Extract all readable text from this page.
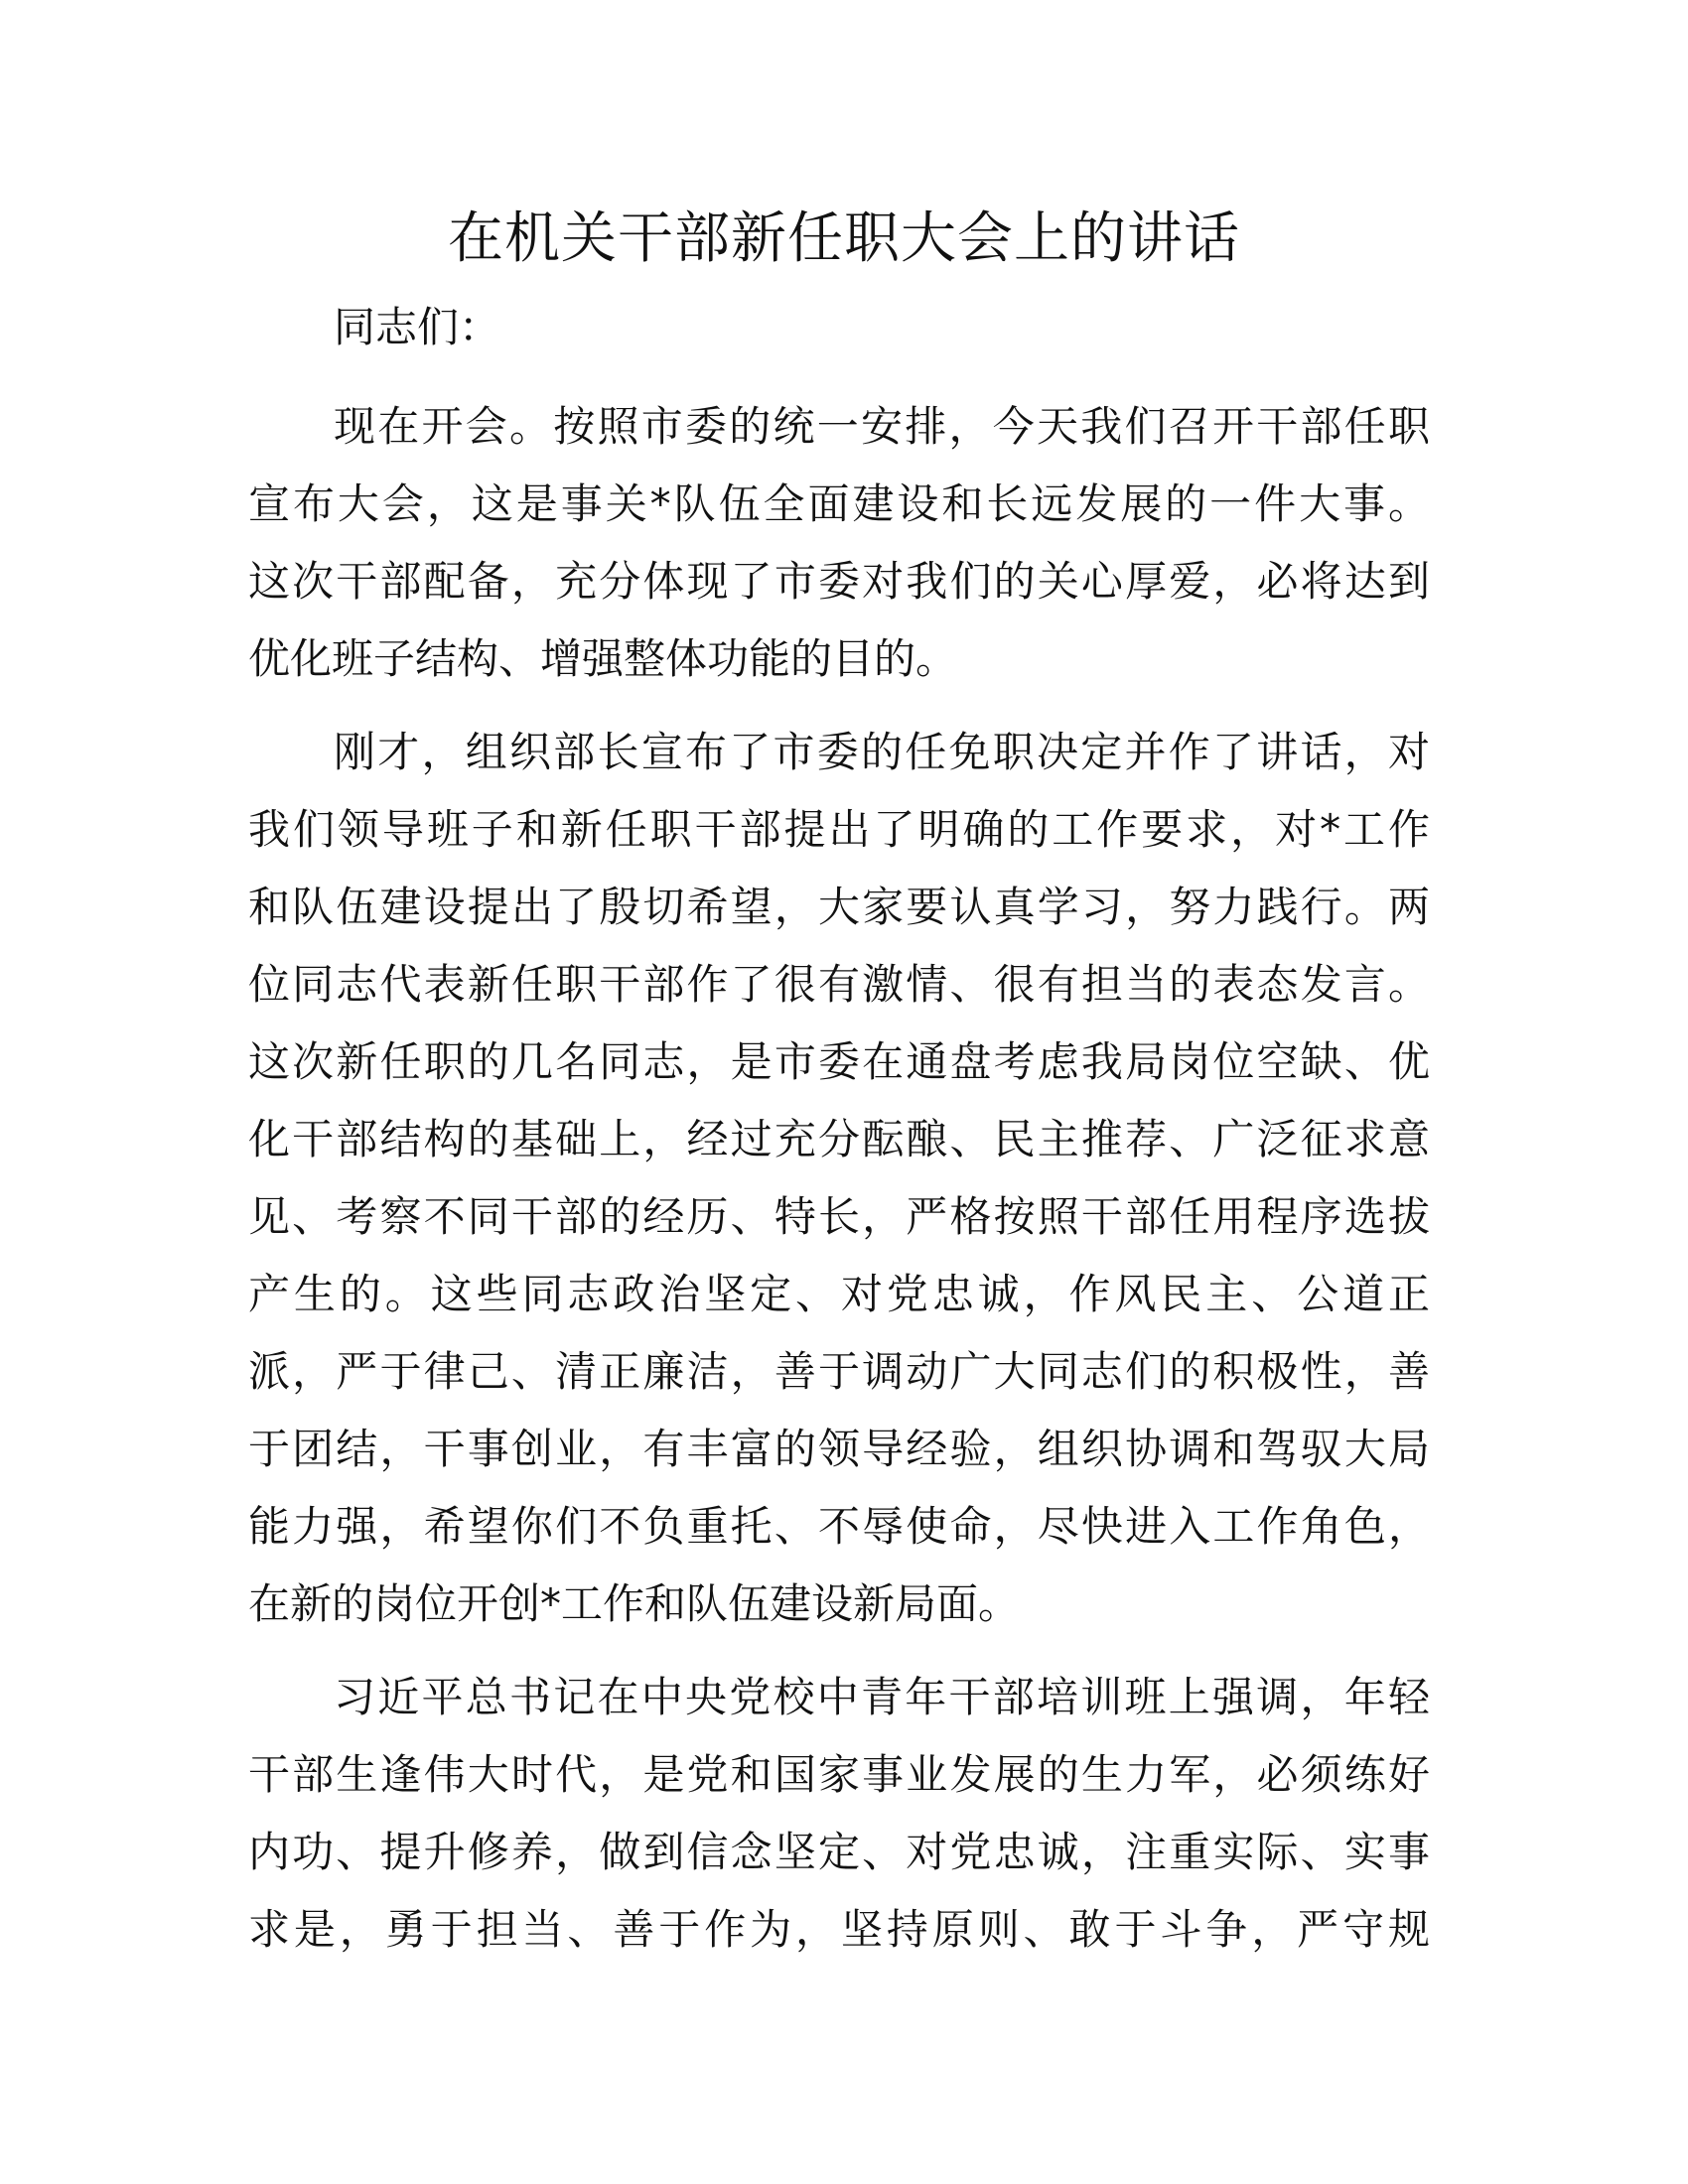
在机关干部新任职大会上的讲话

同志们：

现在开会。按照市委的统一安排，今天我们召开干部任职

宣布大会，这是事关*队伍全面建设和长远发展的一件大事。

这次干部配备，充分体现了市委对我们的关心厚爱，必将达到

优化班子结构、增强整体功能的目的。

刚才，组织部长宣布了市委的任免职决定并作了讲话，对

我们领导班子和新任职干部提出了明确的工作要求，对*工作

和队伍建设提出了殷切希望，大家要认真学习，努力践行。两

位同志代表新任职干部作了很有激情、很有担当的表态发言。

这次新任职的几名同志，是市委在通盘考虑我局岗位空缺、优

化干部结构的基础上，经过充分酝酿、民主推荐、广泛征求意

见、考察不同干部的经历、特长，严格按照干部任用程序选拔

产生的。这些同志政治坚定、对党忠诚，作风民主、公道正

派，严于律己、清正廉洁，善于调动广大同志们的积极性，善

于团结，干事创业，有丰富的领导经验，组织协调和驾驭大局

能力强，希望你们不负重托、不辱使命，尽快进入工作角色，

在新的岗位开创*工作和队伍建设新局面。

习近平总书记在中央党校中青年干部培训班上强调，年轻

干部生逢伟大时代，是党和国家事业发展的生力军，必须练好

内功、提升修养，做到信念坚定、对党忠诚，注重实际、实事

求是，勇于担当、善于作为，坚持原则、敢于斗争，严守规
